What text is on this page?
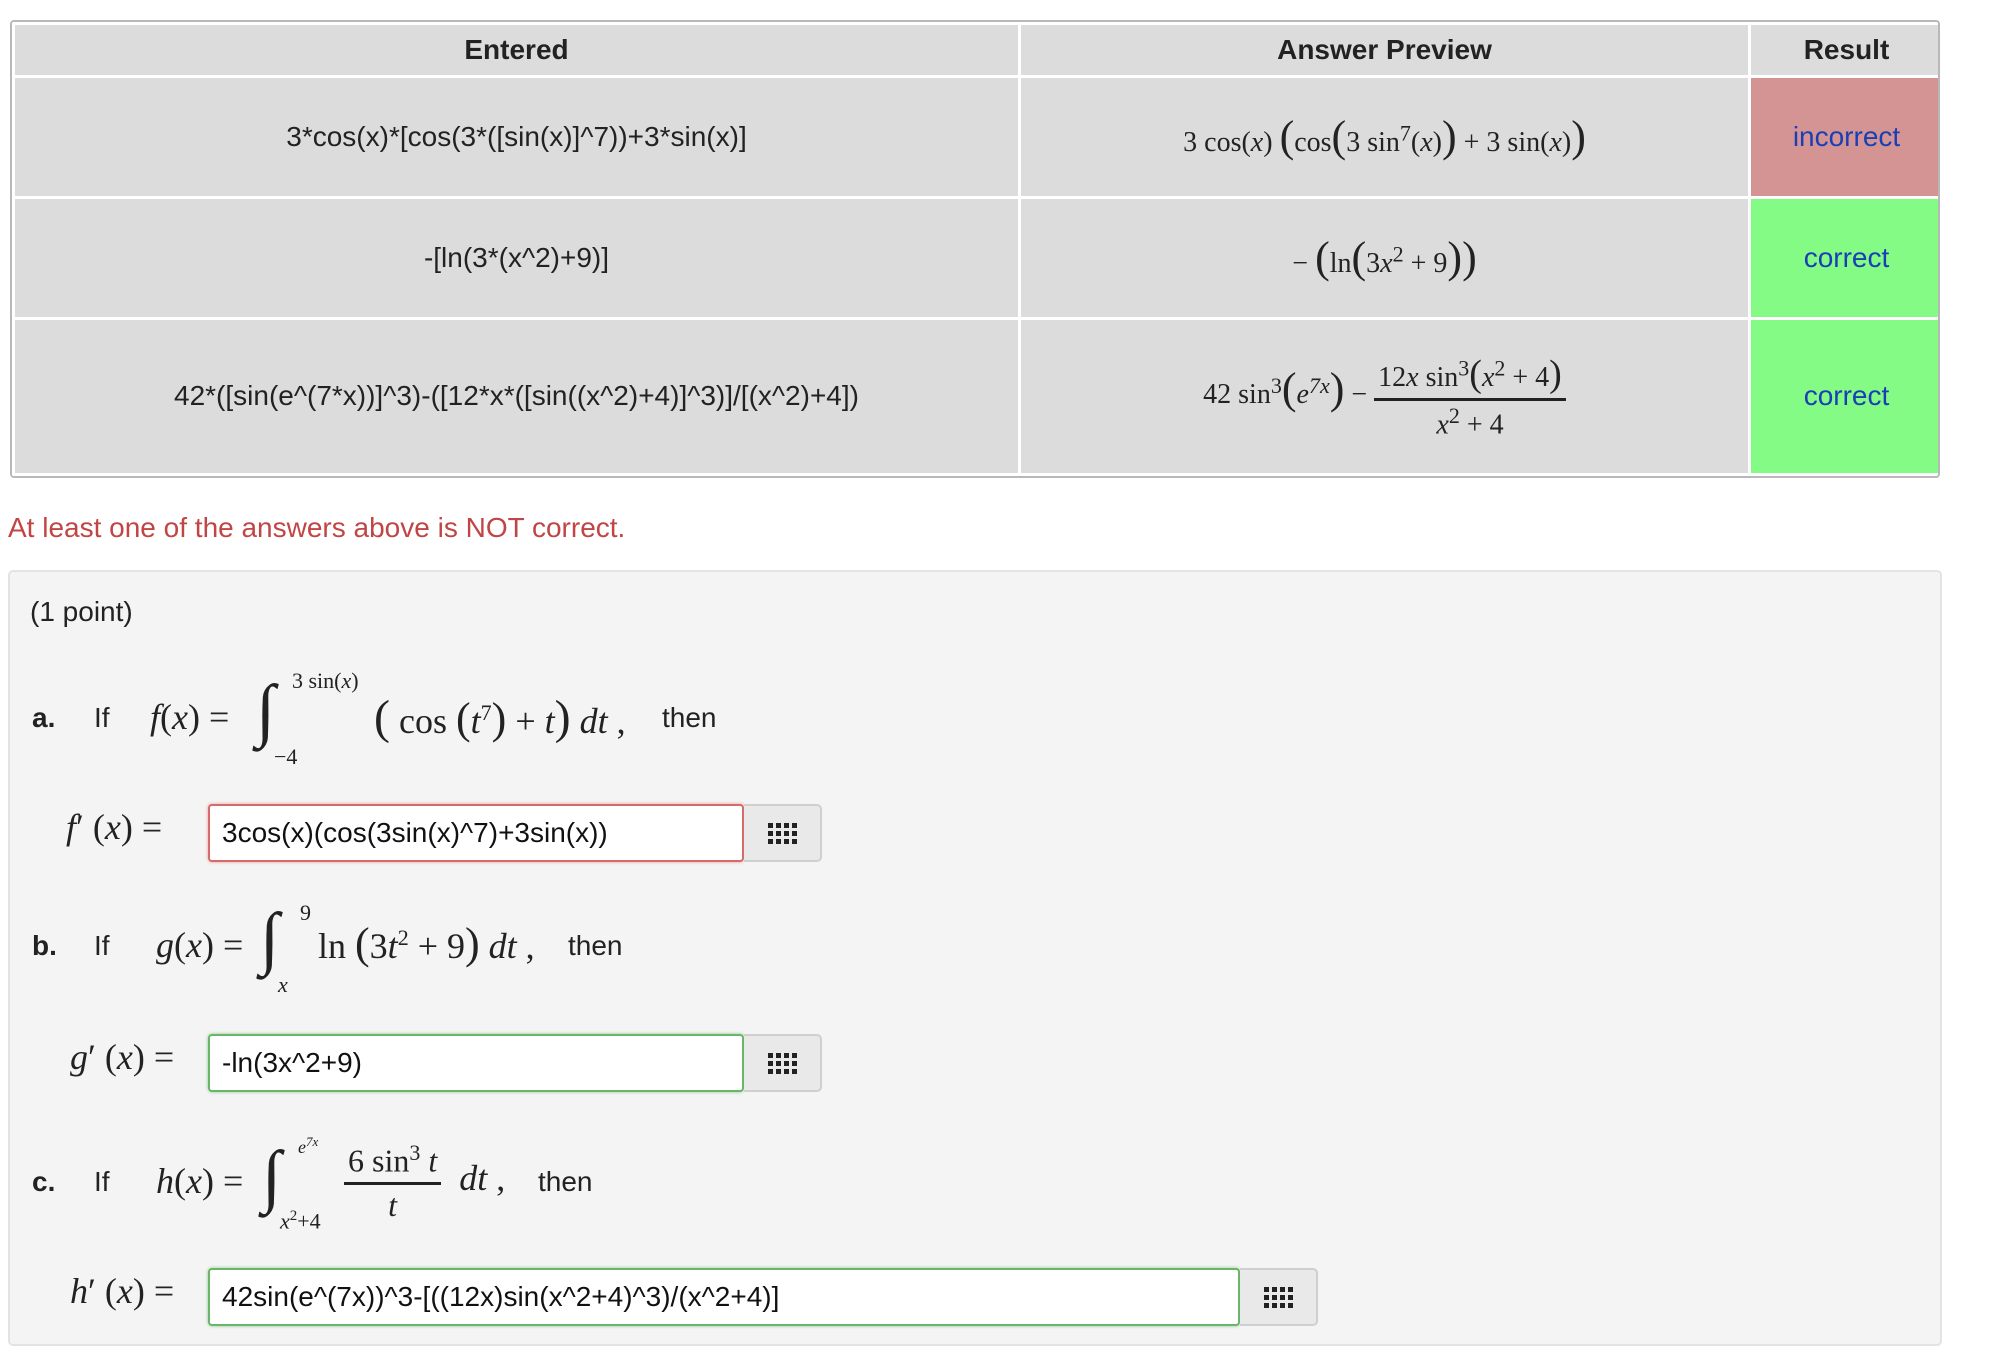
Entered	Answer Preview	Result
3*cos(x)*[cos(3*([sin(x)]^7))+3*sin(x)]	3 cos(x) (cos(3 $\sin^7(x)) + 3$ sin(x))	incorrect
-[ln(3*(x^2)+9)]	− $(\ln(3x^2 + 9))$	correct
42*([sin(e^(7*x))]^3)-([12*x*([sin((x^2)+4)]^3)]/[(x^2)+4])	42 $\sin^3(e^{7x}) - \frac{12x \sin^3(x^2 + 4)}{x^2 + 4}$	correct
At least one of the answers above is NOT correct.
(1 point)
a. If f(x) = ∫ 3 sin(x)
−4
( $\cos (t^7) + t$) dt , then
f′ (x) =
3cos(x)(cos(3sin(x)^7)+3sin(x))
b. If g(x) = ∫ 9
x
$\ln (3t^2 + 9)$ dt , then
g′ (x) =
-ln(3x^2+9)
c. If h(x) = ∫ $e^{7x}$
$x^2+4 \frac{6 \sin^3 t}{t}$ dt , then
h′ (x) =
42sin(e^(7x))^3-[((12x)sin(x^2+4)^3)/(x^2+4)]
